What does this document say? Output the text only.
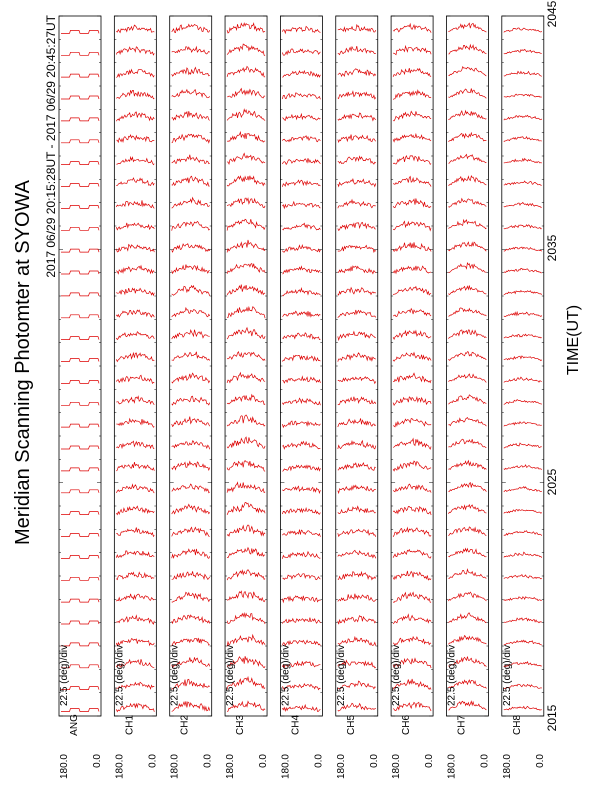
Meridian Scanning Photomter at SYOWA
2017 06/29 20:15:28UT - 2017 06/29 20:45:27UT
TIME(UT)
22.5 (deg)/div
ANG
180.0 0.0
22.5 (deg)/div
CH1
180.0 0.0
22.5 (deg)/div
CH2
180.0 0.0
22.5 (deg)/div
CH3
180.0 0.0
22.5 (deg)/div
CH4
180.0 0.0
22.5 (deg)/div
CH5
180.0 0.0
22.5 (deg)/div
CH6
180.0 0.0
22.5 (deg)/div
CH7
180.0 0.0
22.5 (deg)/div
CH8
180.0 0.0
2015
2025
2035
2045
